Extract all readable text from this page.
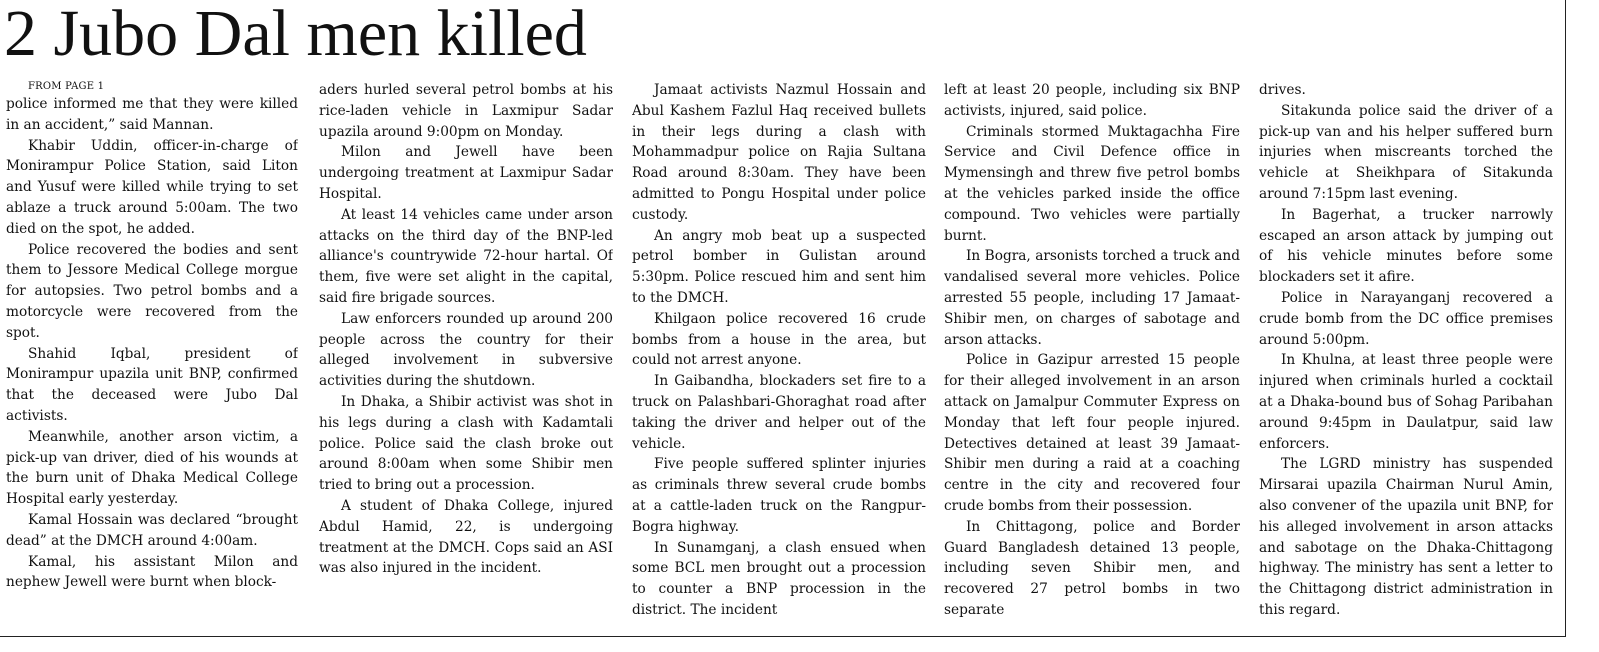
2 Jubo Dal men killed

FROM PAGE 1

police informed me that they were killed in an accident,” said Mannan.

Khabir Uddin, officer-in-charge of Monirampur Police Station, said Liton and Yusuf were killed while trying to set ablaze a truck around 5:00am. The two died on the spot, he added.

Police recovered the bodies and sent them to Jessore Medical College morgue for autopsies. Two petrol bombs and a motorcycle were recovered from the spot.

Shahid Iqbal, president of Monirampur upazila unit BNP, confirmed that the deceased were Jubo Dal activists.

Meanwhile, another arson victim, a pick-up van driver, died of his wounds at the burn unit of Dhaka Medical College Hospital early yesterday.

Kamal Hossain was declared “brought dead” at the DMCH around 4:00am.

Kamal, his assistant Milon and nephew Jewell were burnt when block-

aders hurled several petrol bombs at his rice-laden vehicle in Laxmipur Sadar upazila around 9:00pm on Monday.

Milon and Jewell have been undergoing treatment at Laxmipur Sadar Hospital.

At least 14 vehicles came under arson attacks on the third day of the BNP-led alliance's countrywide 72-hour hartal. Of them, five were set alight in the capital, said fire brigade sources.

Law enforcers rounded up around 200 people across the country for their alleged involvement in subversive activities during the shutdown.

In Dhaka, a Shibir activist was shot in his legs during a clash with Kadamtali police. Police said the clash broke out around 8:00am when some Shibir men tried to bring out a procession.

A student of Dhaka College, injured Abdul Hamid, 22, is undergoing treatment at the DMCH. Cops said an ASI was also injured in the incident.

Jamaat activists Nazmul Hossain and Abul Kashem Fazlul Haq received bullets in their legs during a clash with Mohammadpur police on Rajia Sultana Road around 8:30am. They have been admitted to Pongu Hospital under police custody.

An angry mob beat up a suspected petrol bomber in Gulistan around 5:30pm. Police rescued him and sent him to the DMCH.

Khilgaon police recovered 16 crude bombs from a house in the area, but could not arrest anyone.

In Gaibandha, blockaders set fire to a truck on Palashbari-Ghoraghat road after taking the driver and helper out of the vehicle.

Five people suffered splinter injuries as criminals threw several crude bombs at a cattle-laden truck on the Rangpur-Bogra highway.

In Sunamganj, a clash ensued when some BCL men brought out a procession to counter a BNP procession in the district. The incident

left at least 20 people, including six BNP activists, injured, said police.

Criminals stormed Muktagachha Fire Service and Civil Defence office in Mymensingh and threw five petrol bombs at the vehicles parked inside the office compound. Two vehicles were partially burnt.

In Bogra, arsonists torched a truck and vandalised several more vehicles. Police arrested 55 people, including 17 Jamaat-Shibir men, on charges of sabotage and arson attacks.

Police in Gazipur arrested 15 people for their alleged involvement in an arson attack on Jamalpur Commuter Express on Monday that left four people injured. Detectives detained at least 39 Jamaat-Shibir men during a raid at a coaching centre in the city and recovered four crude bombs from their possession.

In Chittagong, police and Border Guard Bangladesh detained 13 people, including seven Shibir men, and recovered 27 petrol bombs in two separate

drives.

Sitakunda police said the driver of a pick-up van and his helper suffered burn injuries when miscreants torched the vehicle at Sheikhpara of Sitakunda around 7:15pm last evening.

In Bagerhat, a trucker narrowly escaped an arson attack by jumping out of his vehicle minutes before some blockaders set it afire.

Police in Narayanganj recovered a crude bomb from the DC office premises around 5:00pm.

In Khulna, at least three people were injured when criminals hurled a cocktail at a Dhaka-bound bus of Sohag Paribahan around 9:45pm in Daulatpur, said law enforcers.

The LGRD ministry has suspended Mirsarai upazila Chairman Nurul Amin, also convener of the upazila unit BNP, for his alleged involvement in arson attacks and sabotage on the Dhaka-Chittagong highway. The ministry has sent a letter to the Chittagong district administration in this regard.
